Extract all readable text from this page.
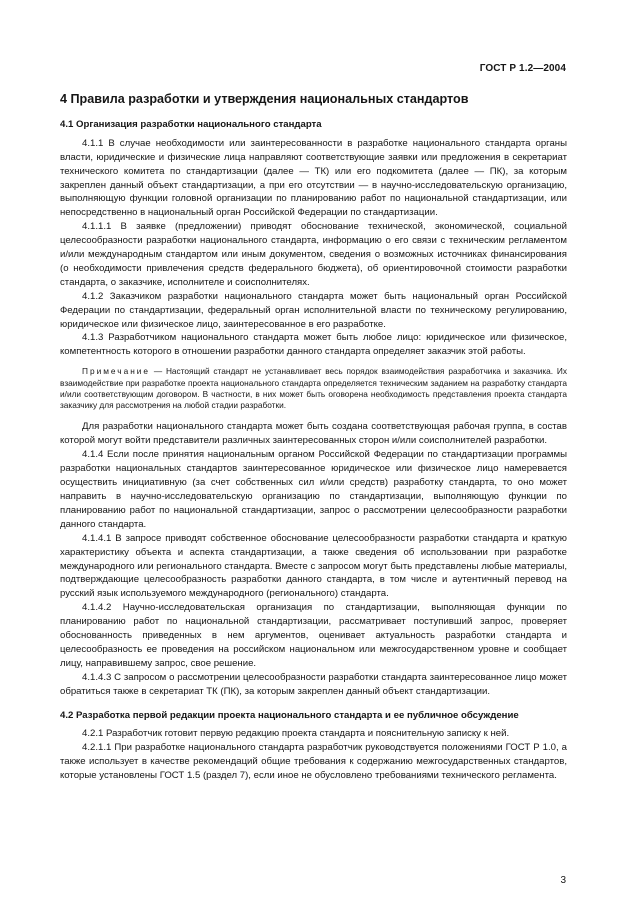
ГОСТ Р 1.2—2004
4 Правила разработки и утверждения национальных стандартов
4.1 Организация разработки национального стандарта

4.1.1 В случае необходимости или заинтересованности в разработке национального стандарта органы власти, юридические и физические лица направляют соответствующие заявки или предложения в секретариат технического комитета по стандартизации (далее — ТК) или его подкомитета (далее — ПК), за которым закреплен данный объект стандартизации, а при его отсутствии — в научно-исследовательскую организацию, выполняющую функции головной организации по планированию работ по национальной стандартизации, или непосредственно в национальный орган Российской Федерации по стандартизации.

4.1.1.1 В заявке (предложении) приводят обоснование технической, экономической, социальной целесообразности разработки национального стандарта, информацию о его связи с техническим регламентом и/или международным стандартом или иным документом, сведения о возможных источниках финансирования (о необходимости привлечения средств федерального бюджета), об ориентировочной стоимости разработки стандарта, о заказчике, исполнителе и соисполнителях.

4.1.2 Заказчиком разработки национального стандарта может быть национальный орган Российской Федерации по стандартизации, федеральный орган исполнительной власти по техническому регулированию, юридическое или физическое лицо, заинтересованное в его разработке.

4.1.3 Разработчиком национального стандарта может быть любое лицо: юридическое или физическое, компетентность которого в отношении разработки данного стандарта определяет заказчик этой работы.

Примечание — Настоящий стандарт не устанавливает весь порядок взаимодействия разработчика и заказчика. Их взаимодействие при разработке проекта национального стандарта определяется техническим заданием на разработку стандарта и/или соответствующим договором. В частности, в них может быть оговорена необходимость представления проекта стандарта заказчику для рассмотрения на любой стадии разработки.

Для разработки национального стандарта может быть создана соответствующая рабочая группа, в состав которой могут войти представители различных заинтересованных сторон и/или соисполнителей разработки.

4.1.4 Если после принятия национальным органом Российской Федерации по стандартизации программы разработки национальных стандартов заинтересованное юридическое или физическое лицо намеревается осуществить инициативную (за счет собственных сил и/или средств) разработку стандарта, то оно может направить в научно-исследовательскую организацию по стандартизации, выполняющую функции по планированию работ по национальной стандартизации, запрос о рассмотрении целесообразности разработки данного стандарта.

4.1.4.1 В запросе приводят собственное обоснование целесообразности разработки стандарта и краткую характеристику объекта и аспекта стандартизации, а также сведения об использовании при разработке международного или регионального стандарта. Вместе с запросом могут быть представлены любые материалы, подтверждающие целесообразность разработки данного стандарта, в том числе и аутентичный перевод на русский язык используемого международного (регионального) стандарта.

4.1.4.2 Научно-исследовательская организация по стандартизации, выполняющая функции по планированию работ по национальной стандартизации, рассматривает поступивший запрос, проверяет обоснованность приведенных в нем аргументов, оценивает актуальность разработки стандарта и целесообразность ее проведения на российском национальном или межгосударственном уровне и сообщает лицу, направившему запрос, свое решение.

4.1.4.3 С запросом о рассмотрении целесообразности разработки стандарта заинтересованное лицо может обратиться также в секретариат ТК (ПК), за которым закреплен данный объект стандартизации.

4.2 Разработка первой редакции проекта национального стандарта и ее публичное обсуждение

4.2.1 Разработчик готовит первую редакцию проекта стандарта и пояснительную записку к ней.

4.2.1.1 При разработке национального стандарта разработчик руководствуется положениями ГОСТ Р 1.0, а также использует в качестве рекомендаций общие требования к содержанию межгосударственных стандартов, которые установлены ГОСТ 1.5 (раздел 7), если иное не обусловлено требованиями технического регламента.

3
